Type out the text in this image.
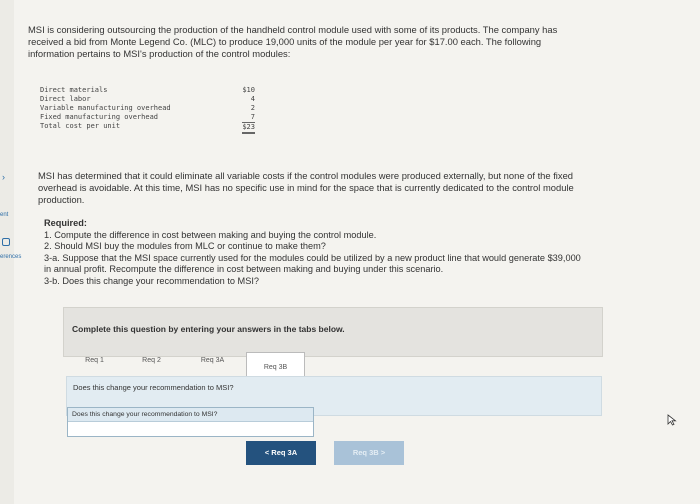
›
ent
erences
MSI is considering outsourcing the production of the handheld control module used with some of its products. The company has
received a bid from Monte Legend Co. (MLC) to produce 19,000 units of the module per year for $17.00 each. The following
information pertains to MSI's production of the control modules:
Direct materials	$10
Direct labor	4
Variable manufacturing overhead	2
Fixed manufacturing overhead	7
Total cost per unit	$23
MSI has determined that it could eliminate all variable costs if the control modules were produced externally, but none of the fixed
overhead is avoidable. At this time, MSI has no specific use in mind for the space that is currently dedicated to the control module
production.
Required:
1. Compute the difference in cost between making and buying the control module.
2. Should MSI buy the modules from MLC or continue to make them?
3-a. Suppose that the MSI space currently used for the modules could be utilized by a new product line that would generate $39,000
in annual profit. Recompute the difference in cost between making and buying under this scenario.
3-b. Does this change your recommendation to MSI?
Complete this question by entering your answers in the tabs below.
Req 1	Req 2	Req 3A
Req 3B
Does this change your recommendation to MSI?
Does this change your recommendation to MSI?
< Req 3A	Req 3B >
